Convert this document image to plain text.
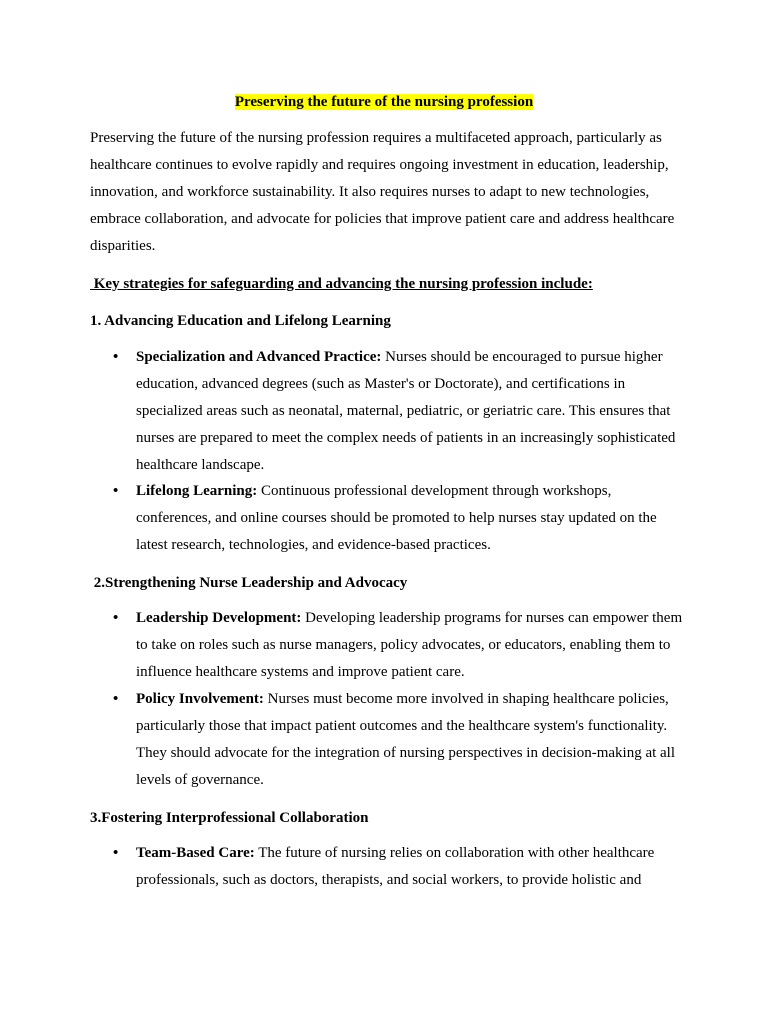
Preserving the future of the nursing profession

Preserving the future of the nursing profession requires a multifaceted approach, particularly as healthcare continues to evolve rapidly and requires ongoing investment in education, leadership, innovation, and workforce sustainability. It also requires nurses to adapt to new technologies, embrace collaboration, and advocate for policies that improve patient care and address healthcare disparities.

Key strategies for safeguarding and advancing the nursing profession include:

1. Advancing Education and Lifelong Learning

• Specialization and Advanced Practice: Nurses should be encouraged to pursue higher education, advanced degrees (such as Master's or Doctorate), and certifications in specialized areas such as neonatal, maternal, pediatric, or geriatric care. This ensures that nurses are prepared to meet the complex needs of patients in an increasingly sophisticated healthcare landscape.
• Lifelong Learning: Continuous professional development through workshops, conferences, and online courses should be promoted to help nurses stay updated on the latest research, technologies, and evidence-based practices.

2.Strengthening Nurse Leadership and Advocacy

• Leadership Development: Developing leadership programs for nurses can empower them to take on roles such as nurse managers, policy advocates, or educators, enabling them to influence healthcare systems and improve patient care.
• Policy Involvement: Nurses must become more involved in shaping healthcare policies, particularly those that impact patient outcomes and the healthcare system's functionality. They should advocate for the integration of nursing perspectives in decision-making at all levels of governance.

3.Fostering Interprofessional Collaboration

• Team-Based Care: The future of nursing relies on collaboration with other healthcare professionals, such as doctors, therapists, and social workers, to provide holistic and
